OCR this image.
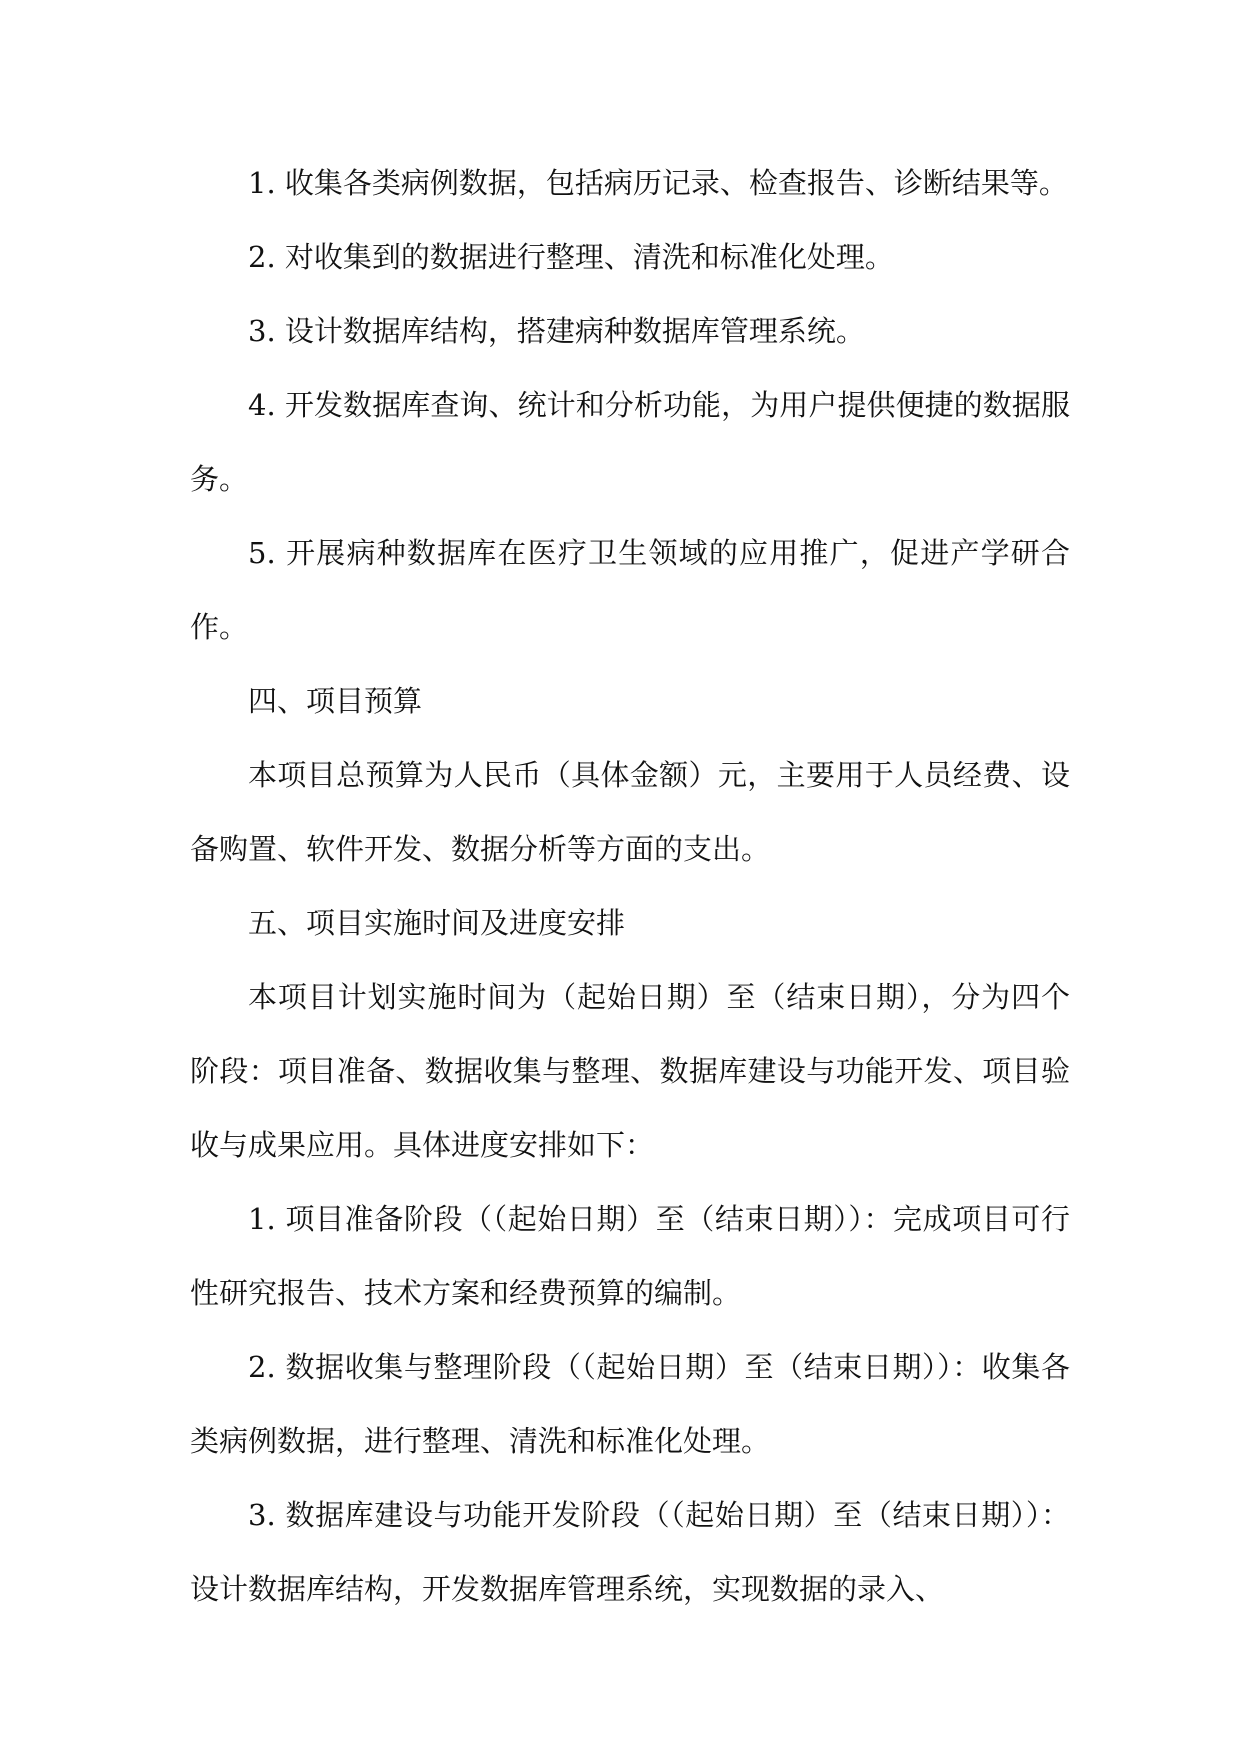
1. 收集各类病例数据，包括病历记录、检查报告、诊断结果等。

2. 对收集到的数据进行整理、清洗和标准化处理。

3. 设计数据库结构，搭建病种数据库管理系统。

4. 开发数据库查询、统计和分析功能，为用户提供便捷的数据服务。

5. 开展病种数据库在医疗卫生领域的应用推广，促进产学研合作。

四、项目预算

本项目总预算为人民币（具体金额）元，主要用于人员经费、设备购置、软件开发、数据分析等方面的支出。

五、项目实施时间及进度安排

本项目计划实施时间为（起始日期）至（结束日期），分为四个阶段：项目准备、数据收集与整理、数据库建设与功能开发、项目验收与成果应用。具体进度安排如下：

1. 项目准备阶段（（起始日期）至（结束日期））：完成项目可行性研究报告、技术方案和经费预算的编制。

2. 数据收集与整理阶段（（起始日期）至（结束日期））：收集各类病例数据，进行整理、清洗和标准化处理。

3. 数据库建设与功能开发阶段（（起始日期）至（结束日期））：设计数据库结构，开发数据库管理系统，实现数据的录入、
